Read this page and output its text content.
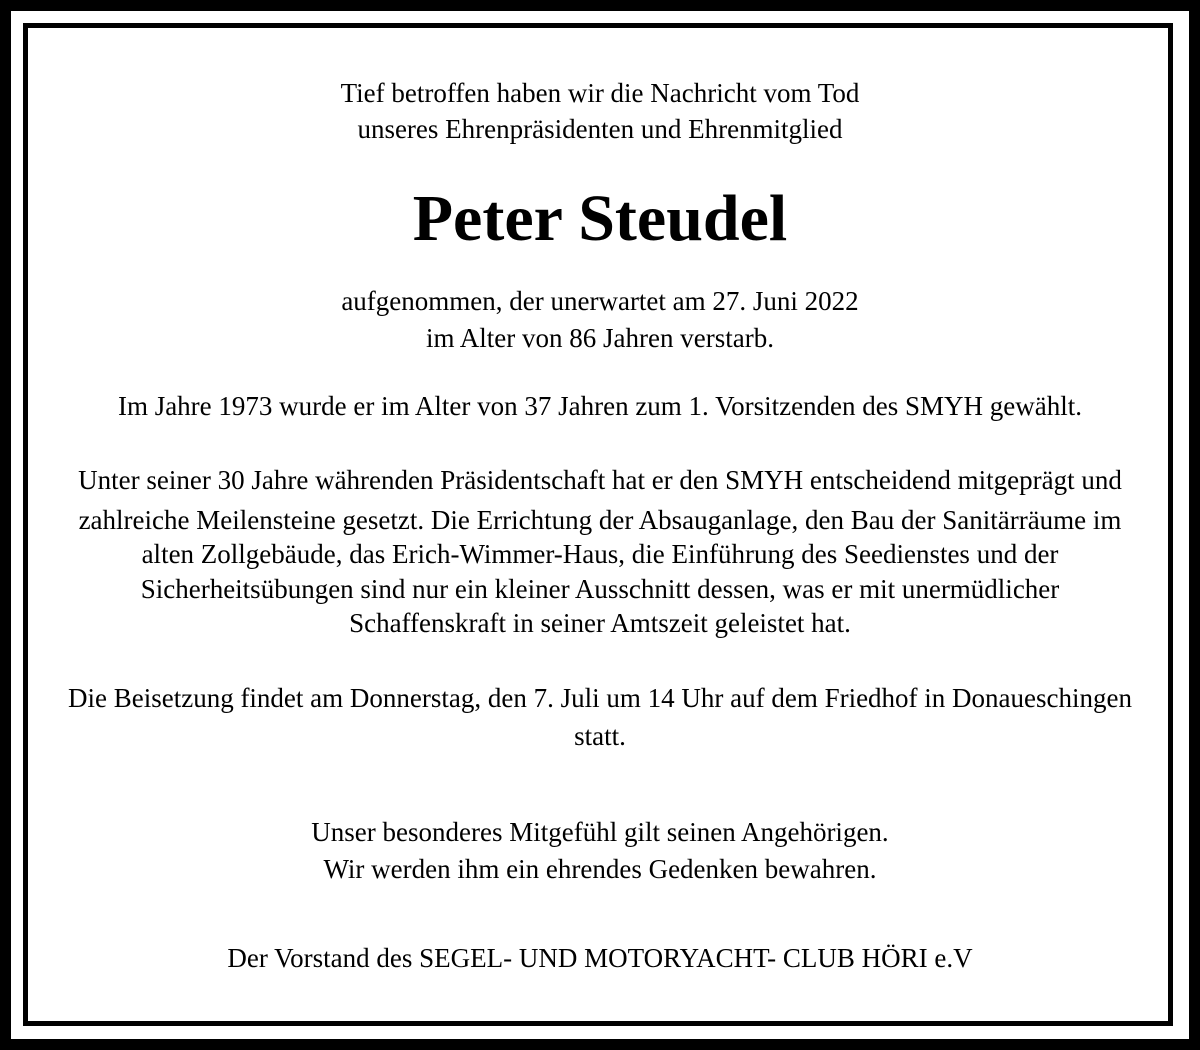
Tief betroffen haben wir die Nachricht vom Tod
unseres Ehrenpräsidenten und Ehrenmitglied
Peter Steudel
aufgenommen, der unerwartet am 27. Juni 2022
im Alter von 86 Jahren verstarb.
Im Jahre 1973 wurde er im Alter von 37 Jahren zum 1. Vorsitzenden des SMYH gewählt.
Unter seiner 30 Jahre währenden Präsidentschaft hat er den SMYH entscheidend mitgeprägt und
zahlreiche Meilensteine gesetzt. Die Errichtung der Absauganlage, den Bau der Sanitärräume im
alten Zollgebäude, das Erich-Wimmer-Haus, die Einführung des Seedienstes und der
Sicherheitsübungen sind nur ein kleiner Ausschnitt dessen, was er mit unermüdlicher
Schaffenskraft in seiner Amtszeit geleistet hat.
Die Beisetzung findet am Donnerstag, den 7. Juli um 14 Uhr auf dem Friedhof in Donaueschingen
statt.
Unser besonderes Mitgefühl gilt seinen Angehörigen.
Wir werden ihm ein ehrendes Gedenken bewahren.
Der Vorstand des SEGEL- UND MOTORYACHT- CLUB HÖRI e.V
